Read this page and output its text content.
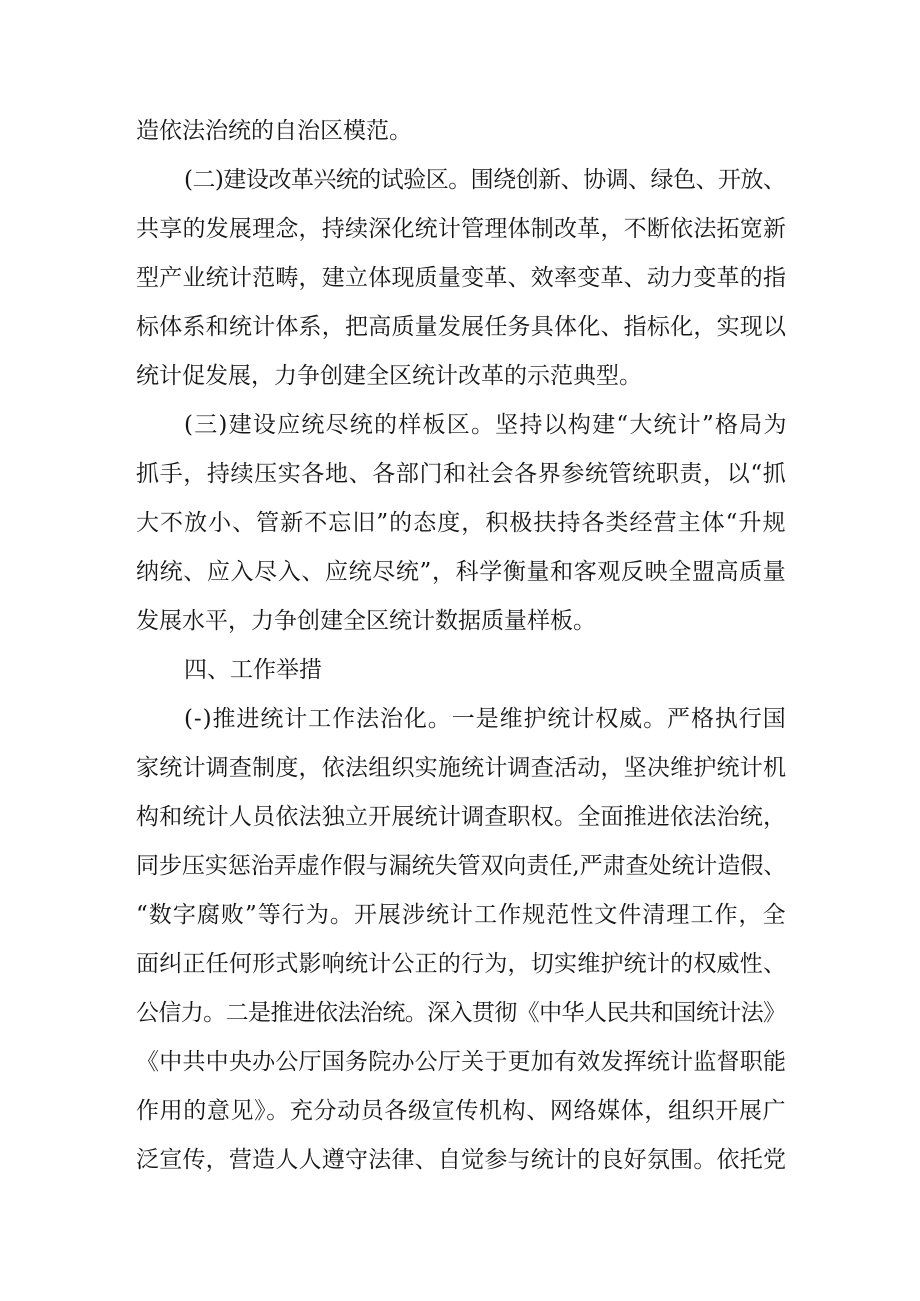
造依法治统的自治区模范。
(二)建设改革兴统的试验区。围绕创新、协调、绿色、开放、
共享的发展理念，持续深化统计管理体制改革，不断依法拓宽新
型产业统计范畴，建立体现质量变革、效率变革、动力变革的指
标体系和统计体系，把高质量发展任务具体化、指标化，实现以
统计促发展，力争创建全区统计改革的示范典型。
(三)建设应统尽统的样板区。坚持以构建“大统计”格局为
抓手，持续压实各地、各部门和社会各界参统管统职责，以“抓
大不放小、管新不忘旧”的态度，积极扶持各类经营主体“升规
纳统、应入尽入、应统尽统”，科学衡量和客观反映全盟高质量
发展水平，力争创建全区统计数据质量样板。
四、工作举措
(-)推进统计工作法治化。一是维护统计权威。严格执行国
家统计调查制度，依法组织实施统计调查活动，坚决维护统计机
构和统计人员依法独立开展统计调查职权。全面推进依法治统，
同步压实惩治弄虚作假与漏统失管双向责任,严肃查处统计造假、
“数字腐败”等行为。开展涉统计工作规范性文件清理工作，全
面纠正任何形式影响统计公正的行为，切实维护统计的权威性、
公信力。二是推进依法治统。深入贯彻《中华人民共和国统计法》
《中共中央办公厅国务院办公厅关于更加有效发挥统计监督职能
作用的意见》。充分动员各级宣传机构、网络媒体，组织开展广
泛宣传，营造人人遵守法律、自觉参与统计的良好氛围。依托党
